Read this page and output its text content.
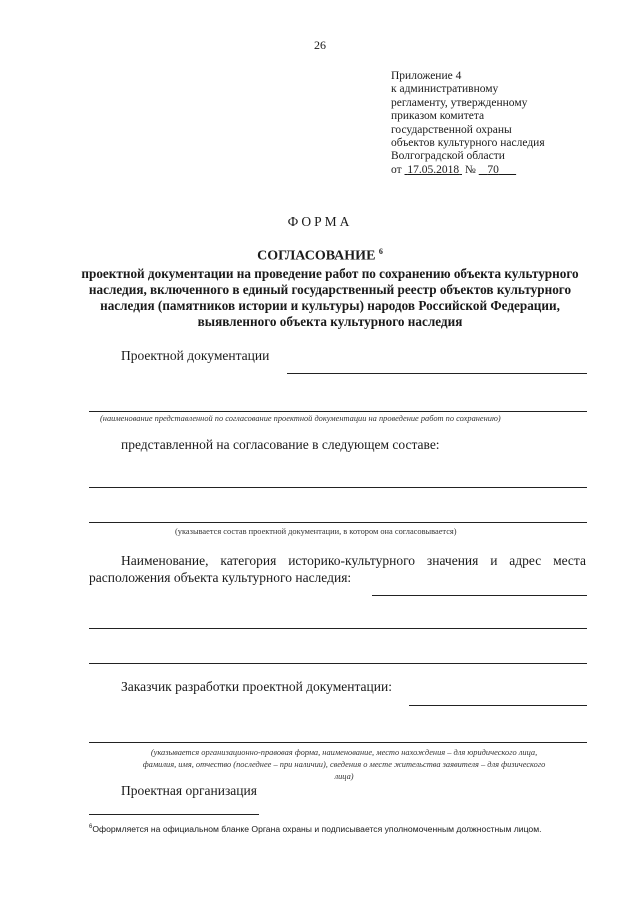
26
Приложение 4
к административному
регламенту, утвержденному
приказом комитета
государственной охраны
объектов культурного наследия
Волгоградской области
от 17.05.2018 № 70
ФОРМА
СОГЛАСОВАНИЕ $^6$
проектной документации на проведение работ по сохранению объекта культурного наследия, включенного в единый государственный реестр объектов культурного наследия (памятников истории и культуры) народов Российской Федерации, выявленного объекта культурного наследия
Проектной документации
(наименование представленной по согласование проектной документации на проведение работ по сохранению)
представленной на согласование в следующем составе:
(указывается состав проектной документации, в котором она согласовывается)
Наименование, категория историко-культурного значения и адрес места расположения объекта культурного наследия:
Заказчик разработки проектной документации:
(указывается организационно-правовая форма, наименование, место нахождения – для юридического лица,
фамилия, имя, отчество (последнее – при наличии), сведения о месте жительства заявителя – для физического
лица)
Проектная организация
$^6$Оформляется на официальном бланке Органа охраны и подписывается уполномоченным должностным лицом.
